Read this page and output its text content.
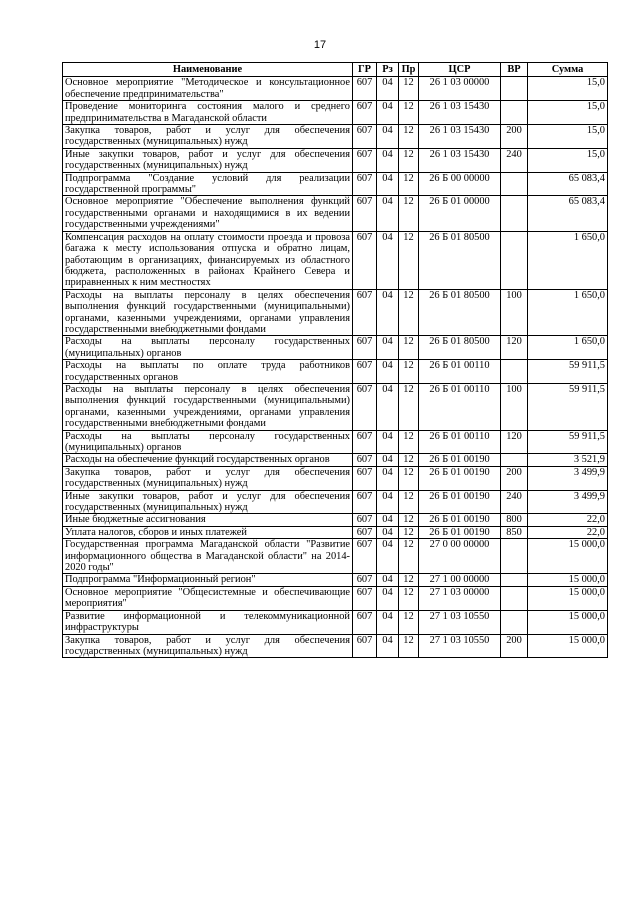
17
Наименование	ГР	Рз	Пр	ЦСР	ВР	Сумма
Основное мероприятие "Методическое и консультационное обеспечение предпринимательства"	607	04	12	26 1 03 00000		15,0
Проведение мониторинга состояния малого и среднего предпринимательства в Магаданской области	607	04	12	26 1 03 15430		15,0
Закупка товаров, работ и услуг для обеспечения государственных (муниципальных) нужд	607	04	12	26 1 03 15430	200	15,0
Иные закупки товаров, работ и услуг для обеспечения государственных (муниципальных) нужд	607	04	12	26 1 03 15430	240	15,0
Подпрограмма "Создание условий для реализации государственной программы"	607	04	12	26 Б 00 00000		65 083,4
Основное мероприятие "Обеспечение выполнения функций государственными органами и находящимися в их ведении государственными учреждениями"	607	04	12	26 Б 01 00000		65 083,4
Компенсация расходов на оплату стоимости проезда и провоза багажа к месту использования отпуска и обратно лицам, работающим в организациях, финансируемых из областного бюджета, расположенных в районах Крайнего Севера и приравненных к ним местностях	607	04	12	26 Б 01 80500		1 650,0
Расходы на выплаты персоналу в целях обеспечения выполнения функций государственными (муниципальными) органами, казенными учреждениями, органами управления государственными внебюджетными фондами	607	04	12	26 Б 01 80500	100	1 650,0
Расходы на выплаты персоналу государственных (муниципальных) органов	607	04	12	26 Б 01 80500	120	1 650,0
Расходы на выплаты по оплате труда работников государственных органов	607	04	12	26 Б 01 00110		59 911,5
Расходы на выплаты персоналу в целях обеспечения выполнения функций государственными (муниципальными) органами, казенными учреждениями, органами управления государственными внебюджетными фондами	607	04	12	26 Б 01 00110	100	59 911,5
Расходы на выплаты персоналу государственных (муниципальных) органов	607	04	12	26 Б 01 00110	120	59 911,5
Расходы на обеспечение функций государственных органов	607	04	12	26 Б 01 00190		3 521,9
Закупка товаров, работ и услуг для обеспечения государственных (муниципальных) нужд	607	04	12	26 Б 01 00190	200	3 499,9
Иные закупки товаров, работ и услуг для обеспечения государственных (муниципальных) нужд	607	04	12	26 Б 01 00190	240	3 499,9
Иные бюджетные ассигнования	607	04	12	26 Б 01 00190	800	22,0
Уплата налогов, сборов и иных платежей	607	04	12	26 Б 01 00190	850	22,0
Государственная программа Магаданской области "Развитие информационного общества в Магаданской области" на 2014-2020 годы"	607	04	12	27 0 00 00000		15 000,0
Подпрограмма "Информационный регион"	607	04	12	27 1 00 00000		15 000,0
Основное мероприятие "Общесистемные и обеспечивающие мероприятия"	607	04	12	27 1 03 00000		15 000,0
Развитие информационной и телекоммуникационной инфраструктуры	607	04	12	27 1 03 10550		15 000,0
Закупка товаров, работ и услуг для обеспечения государственных (муниципальных) нужд	607	04	12	27 1 03 10550	200	15 000,0
